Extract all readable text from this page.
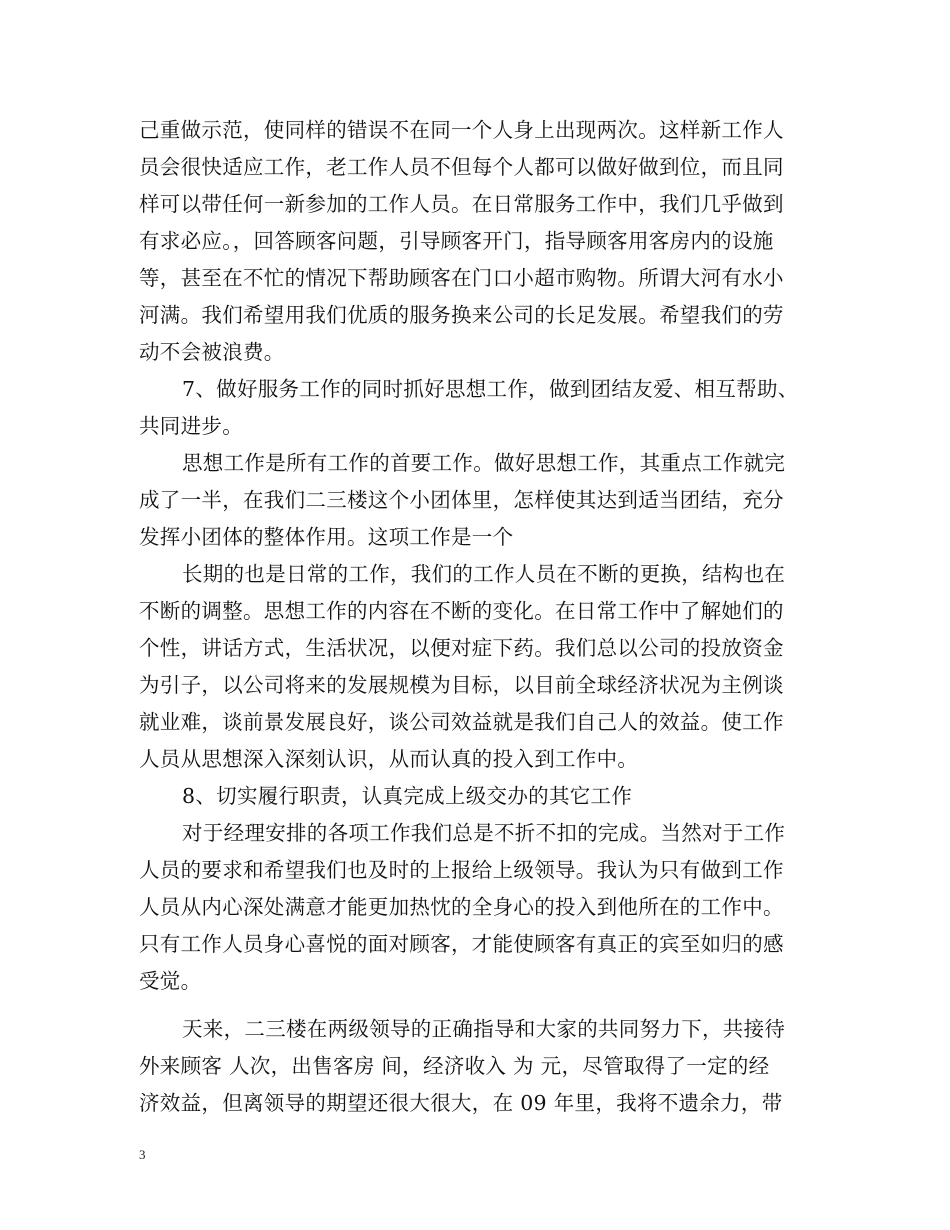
己重做示范，使同样的错误不在同一个人身上出现两次。这样新工作人
员会很快适应工作，老工作人员不但每个人都可以做好做到位，而且同
样可以带任何一新参加的工作人员。在日常服务工作中，我们几乎做到
有求必应。，回答顾客问题，引导顾客开门，指导顾客用客房内的设施
等，甚至在不忙的情况下帮助顾客在门口小超市购物。所谓大河有水小
河满。我们希望用我们优质的服务换来公司的长足发展。希望我们的劳
动不会被浪费。
7、做好服务工作的同时抓好思想工作，做到团结友爱、相互帮助、
共同进步。
思想工作是所有工作的首要工作。做好思想工作，其重点工作就完
成了一半，在我们二三楼这个小团体里，怎样使其达到适当团结，充分
发挥小团体的整体作用。这项工作是一个
长期的也是日常的工作，我们的工作人员在不断的更换，结构也在
不断的调整。思想工作的内容在不断的变化。在日常工作中了解她们的
个性，讲话方式，生活状况，以便对症下药。我们总以公司的投放资金
为引子，以公司将来的发展规模为目标，以目前全球经济状况为主例谈
就业难，谈前景发展良好，谈公司效益就是我们自己人的效益。使工作
人员从思想深入深刻认识，从而认真的投入到工作中。
8、切实履行职责，认真完成上级交办的其它工作
对于经理安排的各项工作我们总是不折不扣的完成。当然对于工作
人员的要求和希望我们也及时的上报给上级领导。我认为只有做到工作
人员从内心深处满意才能更加热忱的全身心的投入到他所在的工作中。
只有工作人员身心喜悦的面对顾客，才能使顾客有真正的宾至如归的感
受觉。
天来，二三楼在两级领导的正确指导和大家的共同努力下，共接待
外来顾客 人次，出售客房 间，经济收入 为 元，尽管取得了一定的经
济效益，但离领导的期望还很大很大，在 09 年里，我将不遗余力，带
3
